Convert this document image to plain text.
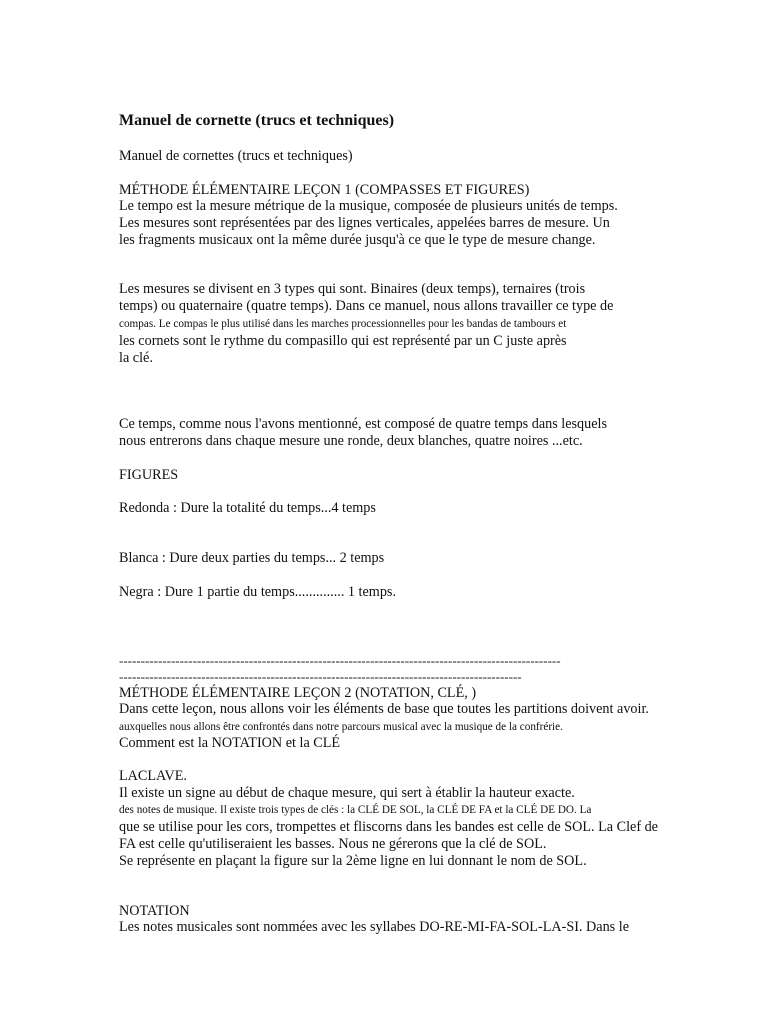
Manuel de cornette (trucs et techniques)
Manuel de cornettes (trucs et techniques)
MÉTHODE ÉLÉMENTAIRE LEÇON 1 (COMPASSES ET FIGURES)
Le tempo est la mesure métrique de la musique, composée de plusieurs unités de temps.
Les mesures sont représentées par des lignes verticales, appelées barres de mesure. Un
les fragments musicaux ont la même durée jusqu'à ce que le type de mesure change.
Les mesures se divisent en 3 types qui sont. Binaires (deux temps), ternaires (trois
temps) ou quaternaire (quatre temps). Dans ce manuel, nous allons travailler ce type de
compas. Le compas le plus utilisé dans les marches processionnelles pour les bandas de tambours et
les cornets sont le rythme du compasillo qui est représenté par un C juste après
la clé.
Ce temps, comme nous l'avons mentionné, est composé de quatre temps dans lesquels
nous entrerons dans chaque mesure une ronde, deux blanches, quatre noires ...etc.
FIGURES
Redonda : Dure la totalité du temps...4 temps
Blanca : Dure deux parties du temps... 2 temps
Negra : Dure 1 partie du temps.............. 1 temps.
------------------------------------------------------------------------------------------------------
---------------------------------------------------------------------------------------------
MÉTHODE ÉLÉMENTAIRE LEÇON 2 (NOTATION, CLÉ, )
Dans cette leçon, nous allons voir les éléments de base que toutes les partitions doivent avoir.
auxquelles nous allons être confrontés dans notre parcours musical avec la musique de la confrérie.
Comment est la NOTATION et la CLÉ
LACLAVE.
Il existe un signe au début de chaque mesure, qui sert à établir la hauteur exacte.
des notes de musique. Il existe trois types de clés : la CLÉ DE SOL, la CLÉ DE FA et la CLÉ DE DO. La
que se utilise pour les cors, trompettes et fliscorns dans les bandes est celle de SOL. La Clef de
FA est celle qu'utiliseraient les basses. Nous ne gérerons que la clé de SOL.
Se représente en plaçant la figure sur la 2ème ligne en lui donnant le nom de SOL.
NOTATION
Les notes musicales sont nommées avec les syllabes DO-RE-MI-FA-SOL-LA-SI. Dans le
